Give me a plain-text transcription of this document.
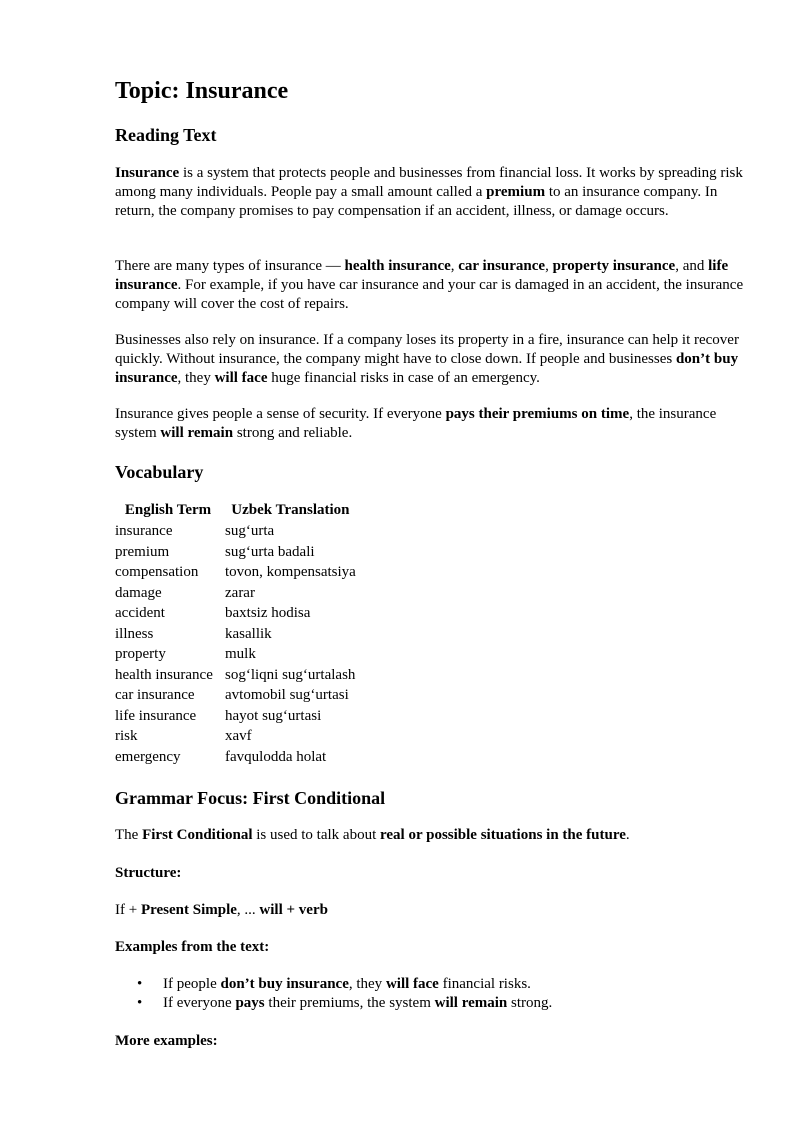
Topic: Insurance
Reading Text

Insurance is a system that protects people and businesses from financial loss. It works by spreading risk among many individuals. People pay a small amount called a premium to an insurance company. In return, the company promises to pay compensation if an accident, illness, or damage occurs.

There are many types of insurance — health insurance, car insurance, property insurance, and life insurance. For example, if you have car insurance and your car is damaged in an accident, the insurance company will cover the cost of repairs.

Businesses also rely on insurance. If a company loses its property in a fire, insurance can help it recover quickly. Without insurance, the company might have to close down. If people and businesses don’t buy insurance, they will face huge financial risks in case of an emergency.

Insurance gives people a sense of security. If everyone pays their premiums on time, the insurance system will remain strong and reliable.

Vocabulary
English Term	Uzbek Translation
insurance	sug‘urta
premium	sug‘urta badali
compensation	tovon, kompensatsiya
damage	zarar
accident	baxtsiz hodisa
illness	kasallik
property	mulk
health insurance	sog‘liqni sug‘urtalash
car insurance	avtomobil sug‘urtasi
life insurance	hayot sug‘urtasi
risk	xavf
emergency	favqulodda holat
Grammar Focus: First Conditional

The First Conditional is used to talk about real or possible situations in the future.

Structure:

If + Present Simple, ... will + verb

Examples from the text:

• If people don’t buy insurance, they will face financial risks.
• If everyone pays their premiums, the system will remain strong.

More examples:
